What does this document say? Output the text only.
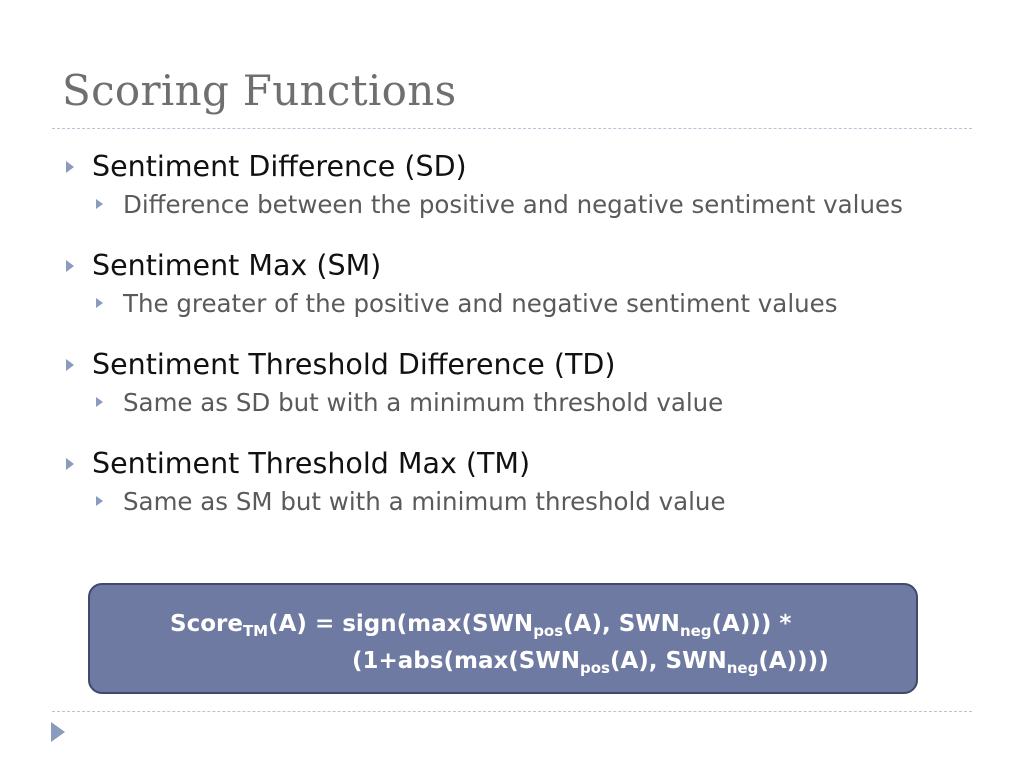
Scoring Functions
Sentiment Difference (SD)
Difference between the positive and negative sentiment values
Sentiment Max (SM)
The greater of the positive and negative sentiment values
Sentiment Threshold Difference (TD)
Same as SD but with a minimum threshold value
Sentiment Threshold Max (TM)
Same as SM but with a minimum threshold value
Score$_{TM}$(A) = $sign(\max(SWN_{pos}(A)$, $SWN_{neg}(A)$)) *
($1+abs(\max(SWN_{pos}(A)$, $SWN_{neg}(A)$)))
